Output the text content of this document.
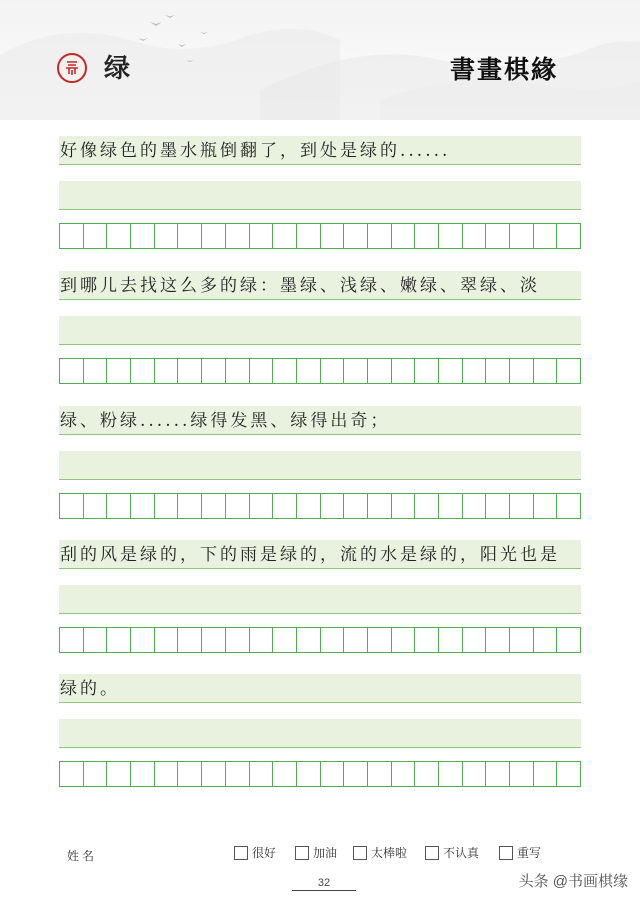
绿	書畫棋緣
好像绿色的墨水瓶倒翻了，到处是绿的......
到哪儿去找这么多的绿：墨绿、浅绿、嫩绿、翠绿、淡
绿、粉绿......绿得发黑、绿得出奇；
刮的风是绿的，下的雨是绿的，流的水是绿的，阳光也是
绿的。
姓名	很好	加油	太棒啦	不认真	重写
32	头条 @书画棋缘
